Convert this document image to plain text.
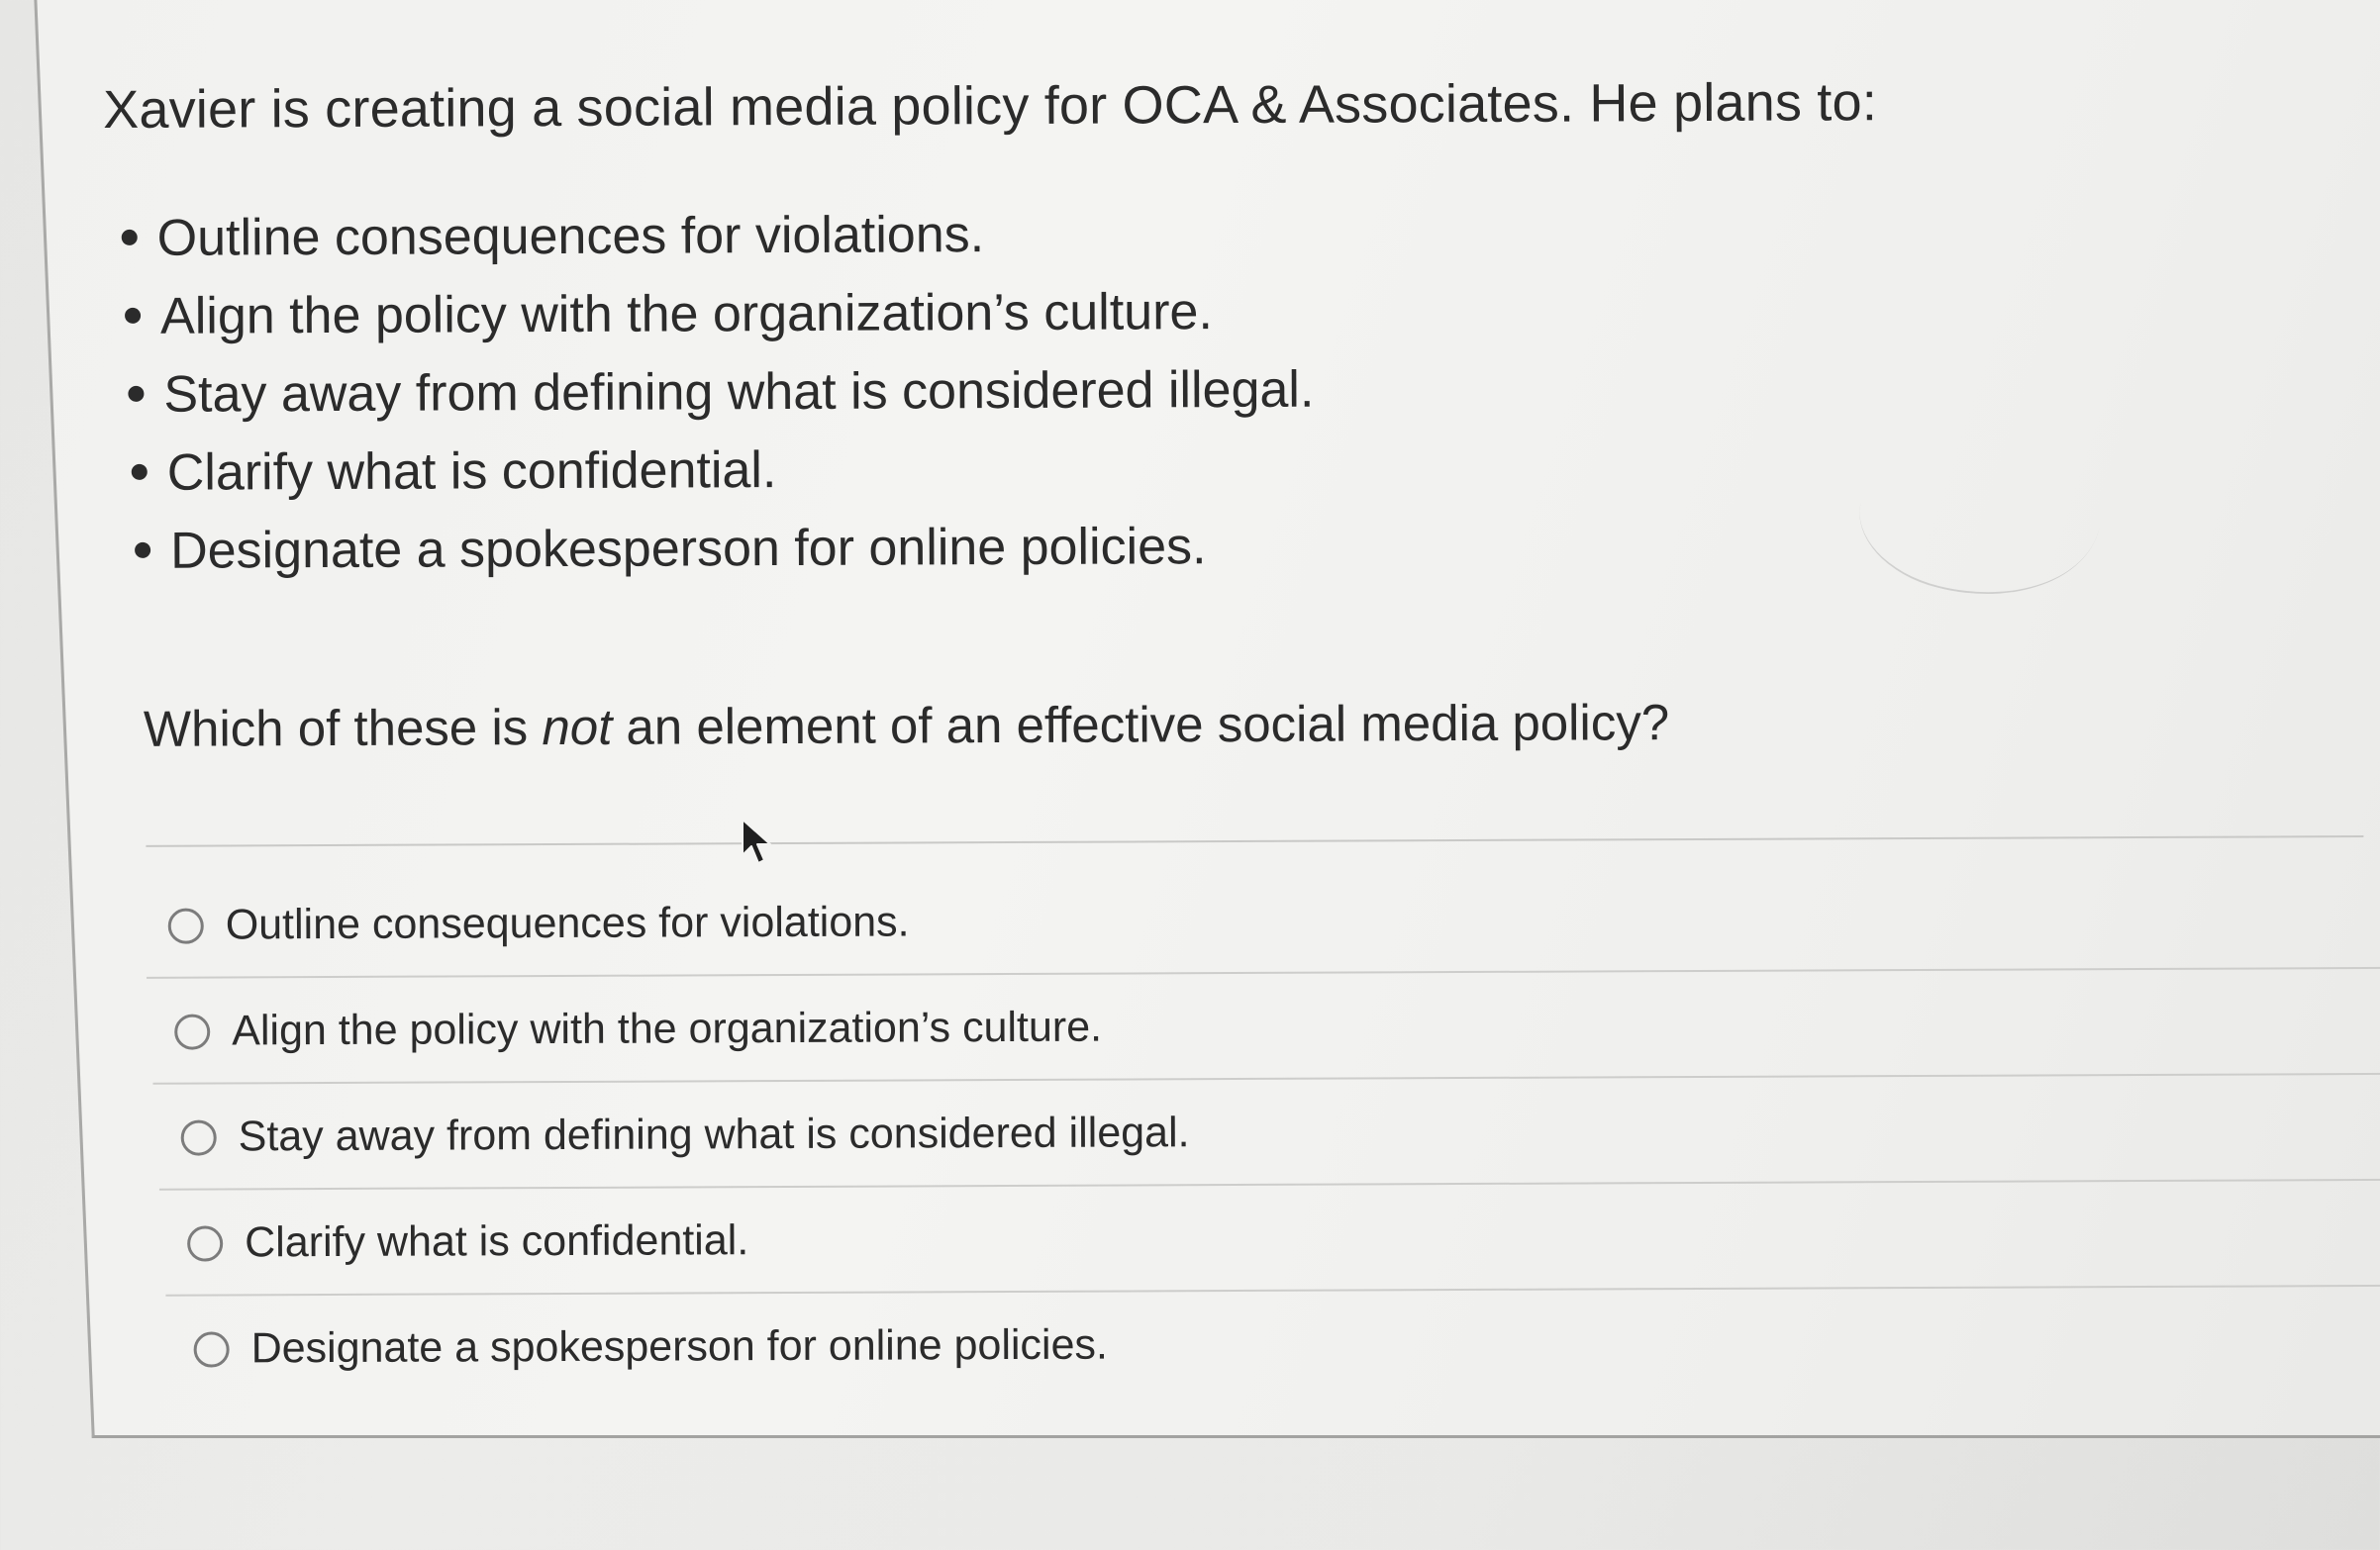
Xavier is creating a social media policy for OCA & Associates. He plans to:
Outline consequences for violations.
Align the policy with the organization’s culture.
Stay away from defining what is considered illegal.
Clarify what is confidential.
Designate a spokesperson for online policies.

Which of these is not an element of an effective social media policy?

Outline consequences for violations.
Align the policy with the organization’s culture.
Stay away from defining what is considered illegal.
Clarify what is confidential.
Designate a spokesperson for online policies.
